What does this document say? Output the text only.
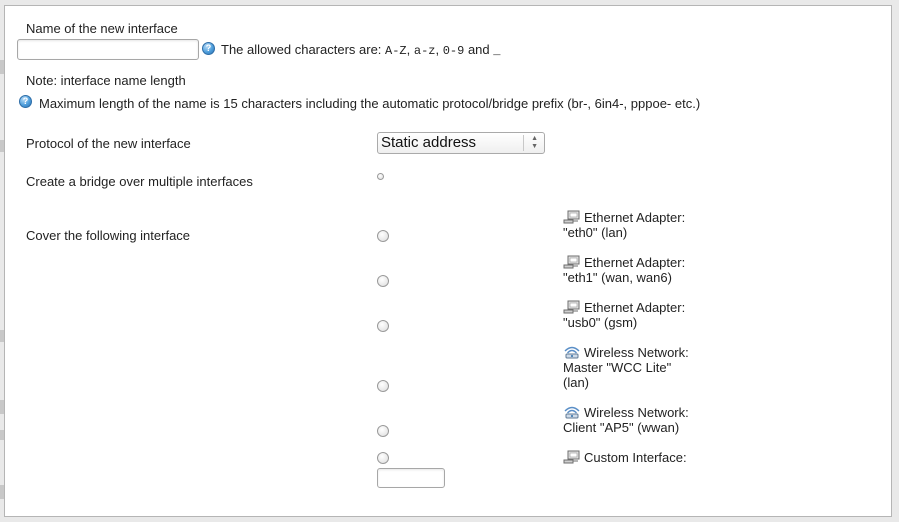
Name of the new interface
? The allowed characters are: A-Z, a-z, 0-9 and _
Note: interface name length
? Maximum length of the name is 15 characters including the automatic protocol/bridge prefix (br-, 6in4-, pppoe- etc.)
Protocol of the new interface	Static address	▲
▼
Create a bridge over multiple interfaces
Cover the following interface
Ethernet Adapter:
"eth0" (lan)
Ethernet Adapter:
"eth1" (wan, wan6)
Ethernet Adapter:
"usb0" (gsm)
Wireless Network:
Master "WCC Lite" (lan)
Wireless Network:
Client "AP5" (wwan)
Custom Interface:
